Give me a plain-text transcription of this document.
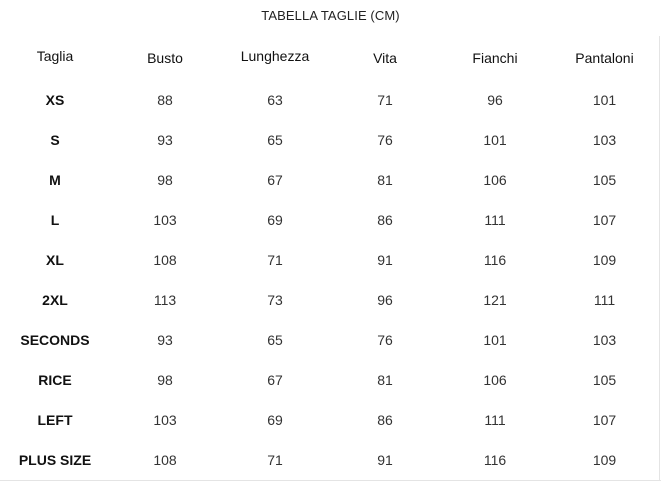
TABELLA TAGLIE (CM)
Taglia	Busto	Lunghezza	Vita	Fianchi	Pantaloni
XS	88	63	71	96	101
S	93	65	76	101	103
M	98	67	81	106	105
L	103	69	86	111	107
XL	108	71	91	116	109
2XL	113	73	96	121	111
SECONDS	93	65	76	101	103
RICE	98	67	81	106	105
LEFT	103	69	86	111	107
PLUS SIZE	108	71	91	116	109
